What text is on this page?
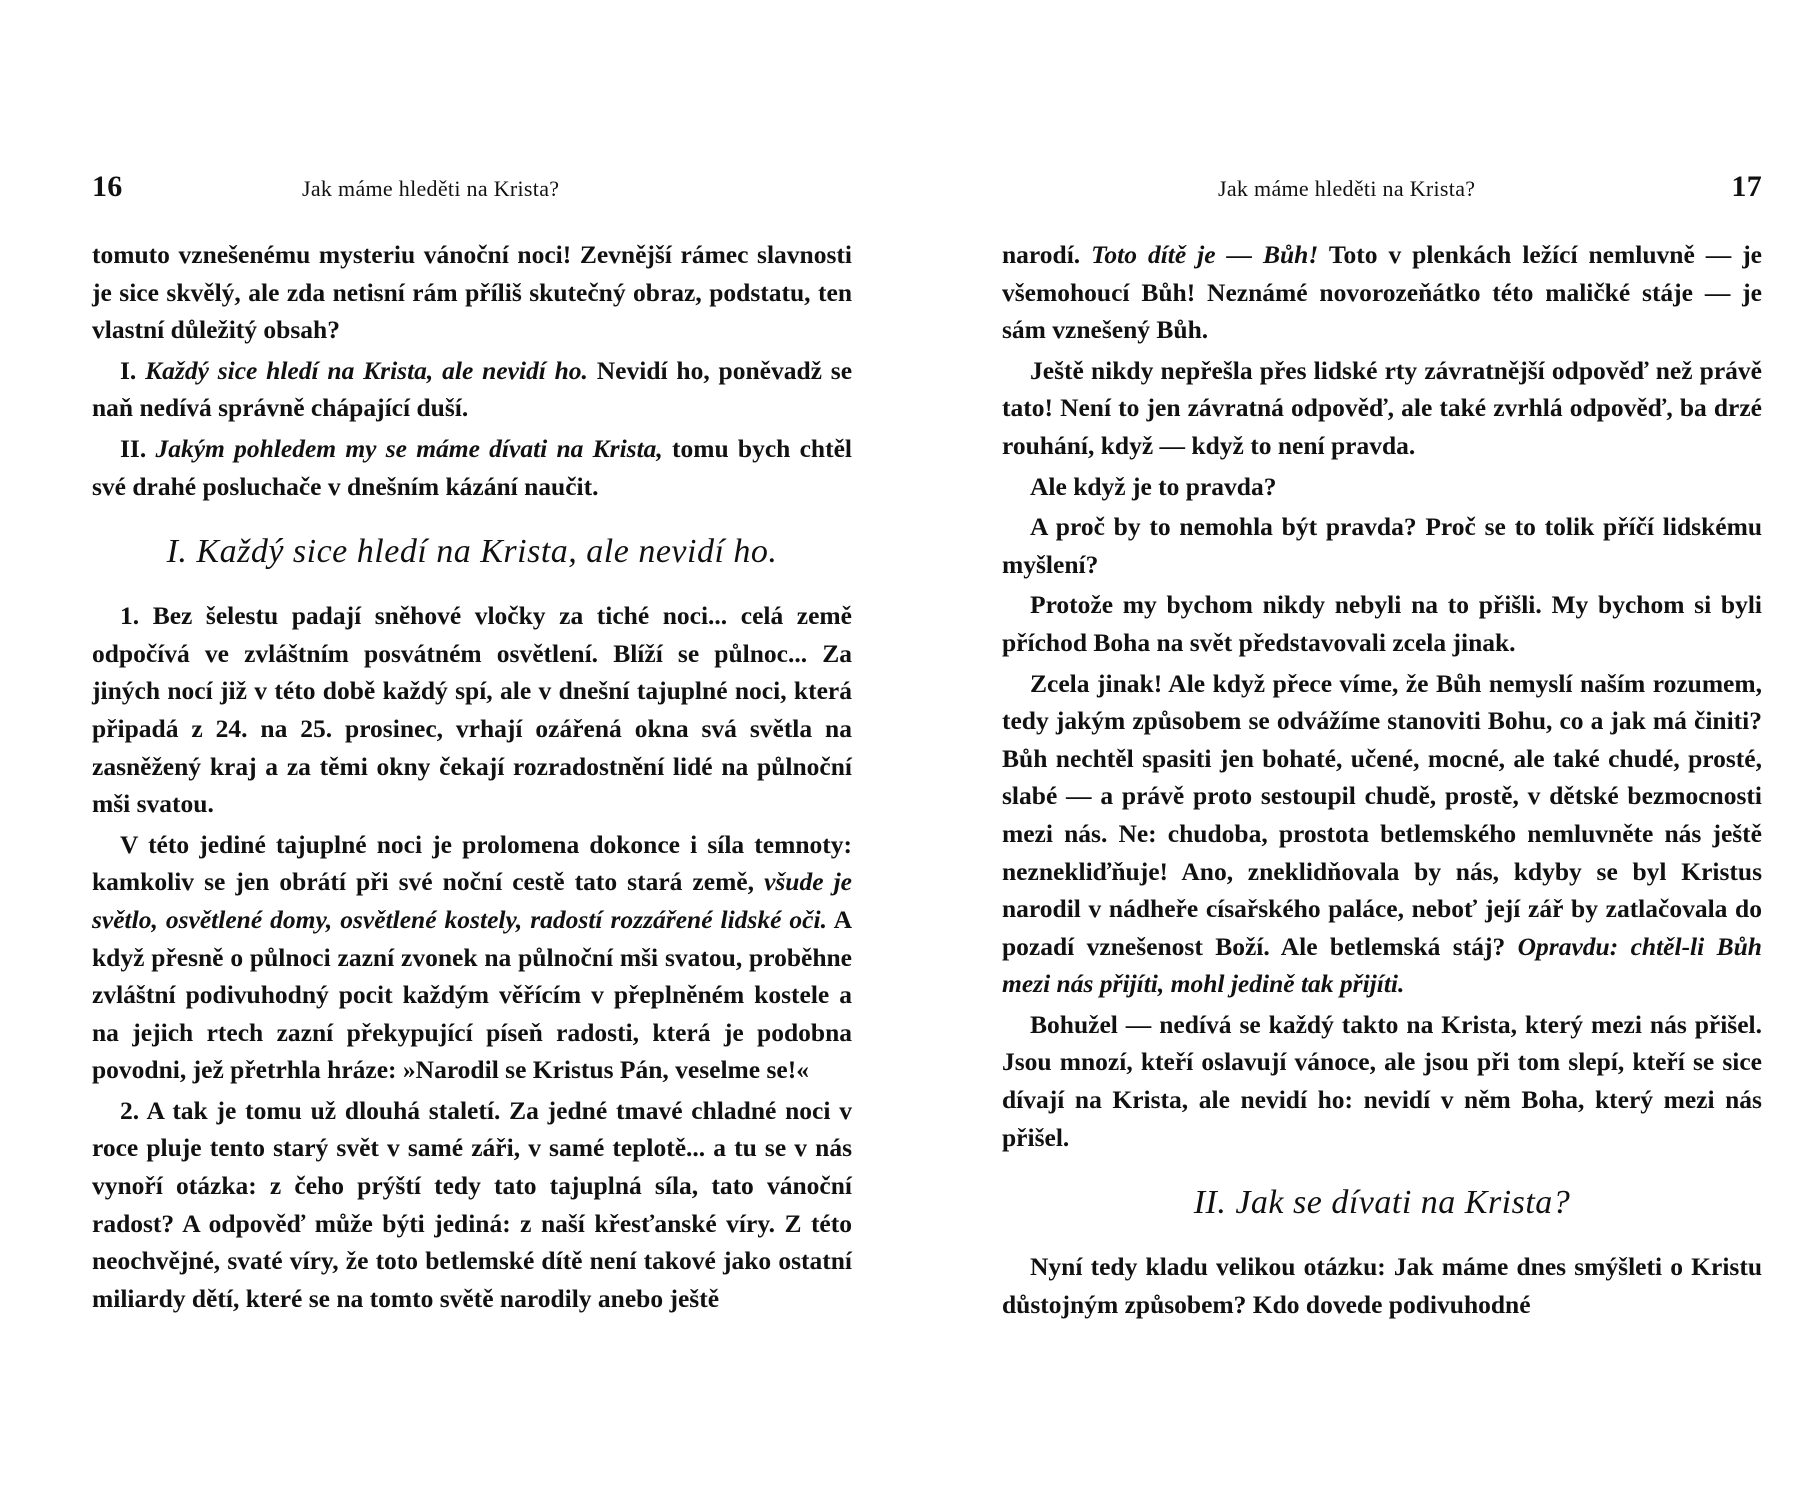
16	Jak máme hleděti na Krista?

tomuto vznešenému mysteriu vánoční noci! Zevnější rámec slavnosti je sice skvělý, ale zda netisní rám příliš skutečný obraz, podstatu, ten vlastní důležitý obsah?

I. Každý sice hledí na Krista, ale nevidí ho. Nevidí ho, poněvadž se naň nedívá správně chápající duší.

II. Jakým pohledem my se máme dívati na Krista, tomu bych chtěl své drahé posluchače v dnešním kázání naučit.

I. Každý sice hledí na Krista, ale nevidí ho.

1. Bez šelestu padají sněhové vločky za tiché noci... celá země odpočívá ve zvláštním posvátném osvětlení. Blíží se půlnoc... Za jiných nocí již v této době každý spí, ale v dnešní tajuplné noci, která připadá z 24. na 25. prosinec, vrhají ozářená okna svá světla na zasněžený kraj a za těmi okny čekají rozradostnění lidé na půlnoční mši svatou.

V této jediné tajuplné noci je prolomena dokonce i síla temnoty: kamkoliv se jen obrátí při své noční cestě tato stará země, všude je světlo, osvětlené domy, osvětlené kostely, radostí rozzářené lidské oči. A když přesně o půlnoci zazní zvonek na půlnoční mši svatou, proběhne zvláštní podivuhodný pocit každým věřícím v přeplněném kostele a na jejich rtech zazní překypující píseň radosti, která je podobna povodni, jež přetrhla hráze: »Narodil se Kristus Pán, veselme se!«

2. A tak je tomu už dlouhá staletí. Za jedné tmavé chladné noci v roce pluje tento starý svět v samé záři, v samé teplotě... a tu se v nás vynoří otázka: z čeho prýští tedy tato tajuplná síla, tato vánoční radost? A odpověď může býti jediná: z naší křesťanské víry. Z této neochvějné, svaté víry, že toto betlemské dítě není takové jako ostatní miliardy dětí, které se na tomto světě narodily anebo ještě

Jak máme hleděti na Krista?	17

narodí. Toto dítě je — Bůh! Toto v plenkách ležící nemluvně — je všemohoucí Bůh! Neznámé novorozeňátko této maličké stáje — je sám vznešený Bůh.

Ještě nikdy nepřešla přes lidské rty závratnější odpověď než právě tato! Není to jen závratná odpověď, ale také zvrhlá odpověď, ba drzé rouhání, když — když to není pravda.

Ale když je to pravda?

A proč by to nemohla být pravda? Proč se to tolik příčí lidskému myšlení?

Protože my bychom nikdy nebyli na to přišli. My bychom si byli příchod Boha na svět představovali zcela jinak.

Zcela jinak! Ale když přece víme, že Bůh nemyslí naším rozumem, tedy jakým způsobem se odvážíme stanoviti Bohu, co a jak má činiti? Bůh nechtěl spasiti jen bohaté, učené, mocné, ale také chudé, prosté, slabé — a právě proto sestoupil chudě, prostě, v dětské bezmocnosti mezi nás. Ne: chudoba, prostota betlemského nemluvněte nás ještě neznekliďňuje! Ano, zneklidňovala by nás, kdyby se byl Kristus narodil v nádheře císařského paláce, neboť její zář by zatlačovala do pozadí vznešenost Boží. Ale betlemská stáj? Opravdu: chtěl-li Bůh mezi nás přijíti, mohl jedině tak přijíti.

Bohužel — nedívá se každý takto na Krista, který mezi nás přišel. Jsou mnozí, kteří oslavují vánoce, ale jsou při tom slepí, kteří se sice dívají na Krista, ale nevidí ho: nevidí v něm Boha, který mezi nás přišel.

II. Jak se dívati na Krista?

Nyní tedy kladu velikou otázku: Jak máme dnes smýšleti o Kristu důstojným způsobem? Kdo dovede podivuhodné
